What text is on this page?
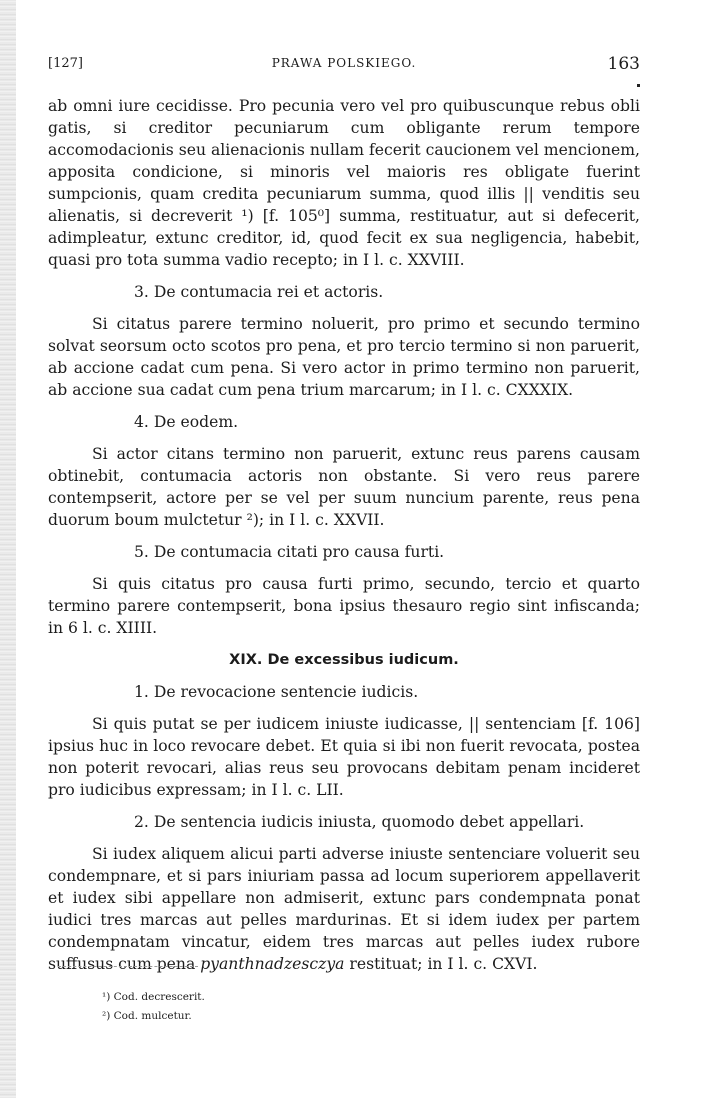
[127]	PRAWA POLSKIEGO.	163

ab omni iure cecidisse. Pro pecunia vero vel pro quibuscunque rebus obli gatis, si creditor pecuniarum cum obligante rerum tempore accomodacionis seu alienacionis nullam fecerit caucionem vel mencionem, apposita condicione, si minoris vel maioris res obligate fuerint sumpcionis, quam credita pecuniarum summa, quod illis || venditis seu alienatis, si decreverit ¹) [f. 105⁰] summa, restituatur, aut si defecerit, adimpleatur, extunc creditor, id, quod fecit ex sua negligencia, habebit, quasi pro tota summa vadio recepto; in I l. c. XXVIII.

3. De contumacia rei et actoris.

Si citatus parere termino noluerit, pro primo et secundo termino solvat seorsum octo scotos pro pena, et pro tercio termino si non paruerit, ab accione cadat cum pena. Si vero actor in primo termino non paruerit, ab accione sua cadat cum pena trium marcarum; in I l. c. CXXXIX.

4. De eodem.

Si actor citans termino non paruerit, extunc reus parens causam obtinebit, contumacia actoris non obstante. Si vero reus parere contempserit, actore per se vel per suum nuncium parente, reus pena duorum boum mulctetur ²); in I l. c. XXVII.

5. De contumacia citati pro causa furti.

Si quis citatus pro causa furti primo, secundo, tercio et quarto termino parere contempserit, bona ipsius thesauro regio sint infiscanda; in 6 l. c. XIIII.

XIX. De excessibus iudicum.

1. De revocacione sentencie iudicis.

Si quis putat se per iudicem iniuste iudicasse, || sentenciam [f. 106] ipsius huc in loco revocare debet. Et quia si ibi non fuerit revocata, postea non poterit revocari, alias reus seu provocans debitam penam incideret pro iudicibus expressam; in I l. c. LII.

2. De sentencia iudicis iniusta, quomodo debet appellari.

Si iudex aliquem alicui parti adverse iniuste sentenciare voluerit seu condempnare, et si pars iniuriam passa ad locum superiorem appellaverit et iudex sibi appellare non admiserit, extunc pars condempnata ponat iudici tres marcas aut pelles mardurinas. Et si idem iudex per partem condempnatam vincatur, eidem tres marcas aut pelles iudex rubore suffusus cum pena pyanthnadzesczya restituat; in I l. c. CXVI.

¹) Cod. decrescerit.
²) Cod. mulcetur.
